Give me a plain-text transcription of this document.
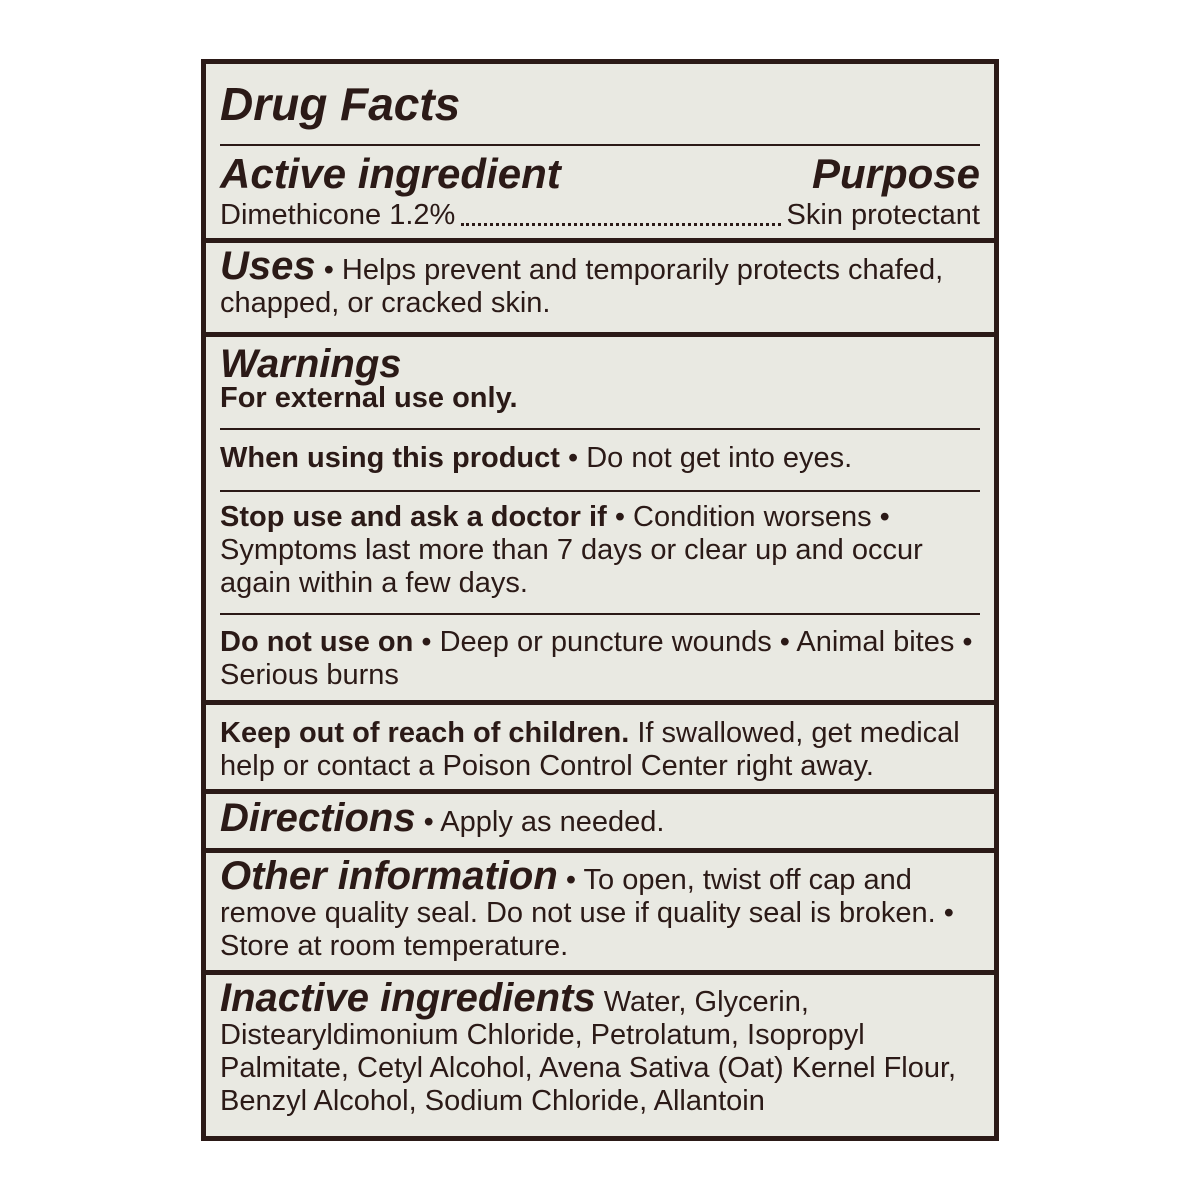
Drug Facts
Active ingredient	Purpose
Dimethicone 1.2%	Skin protectant

Uses • Helps prevent and temporarily protects chafed, chapped, or cracked skin.

Warnings
For external use only.

When using this product • Do not get into eyes.

Stop use and ask a doctor if • Condition worsens • Symptoms last more than 7 days or clear up and occur again within a few days.

Do not use on • Deep or puncture wounds • Animal bites • Serious burns

Keep out of reach of children. If swallowed, get medical help or contact a Poison Control Center right away.

Directions • Apply as needed.

Other information • To open, twist off cap and remove quality seal. Do not use if quality seal is broken. • Store at room temperature.

Inactive ingredients Water, Glycerin, Distearyldimonium Chloride, Petrolatum, Isopropyl Palmitate, Cetyl Alcohol, Avena Sativa (Oat) Kernel Flour, Benzyl Alcohol, Sodium Chloride, Allantoin
